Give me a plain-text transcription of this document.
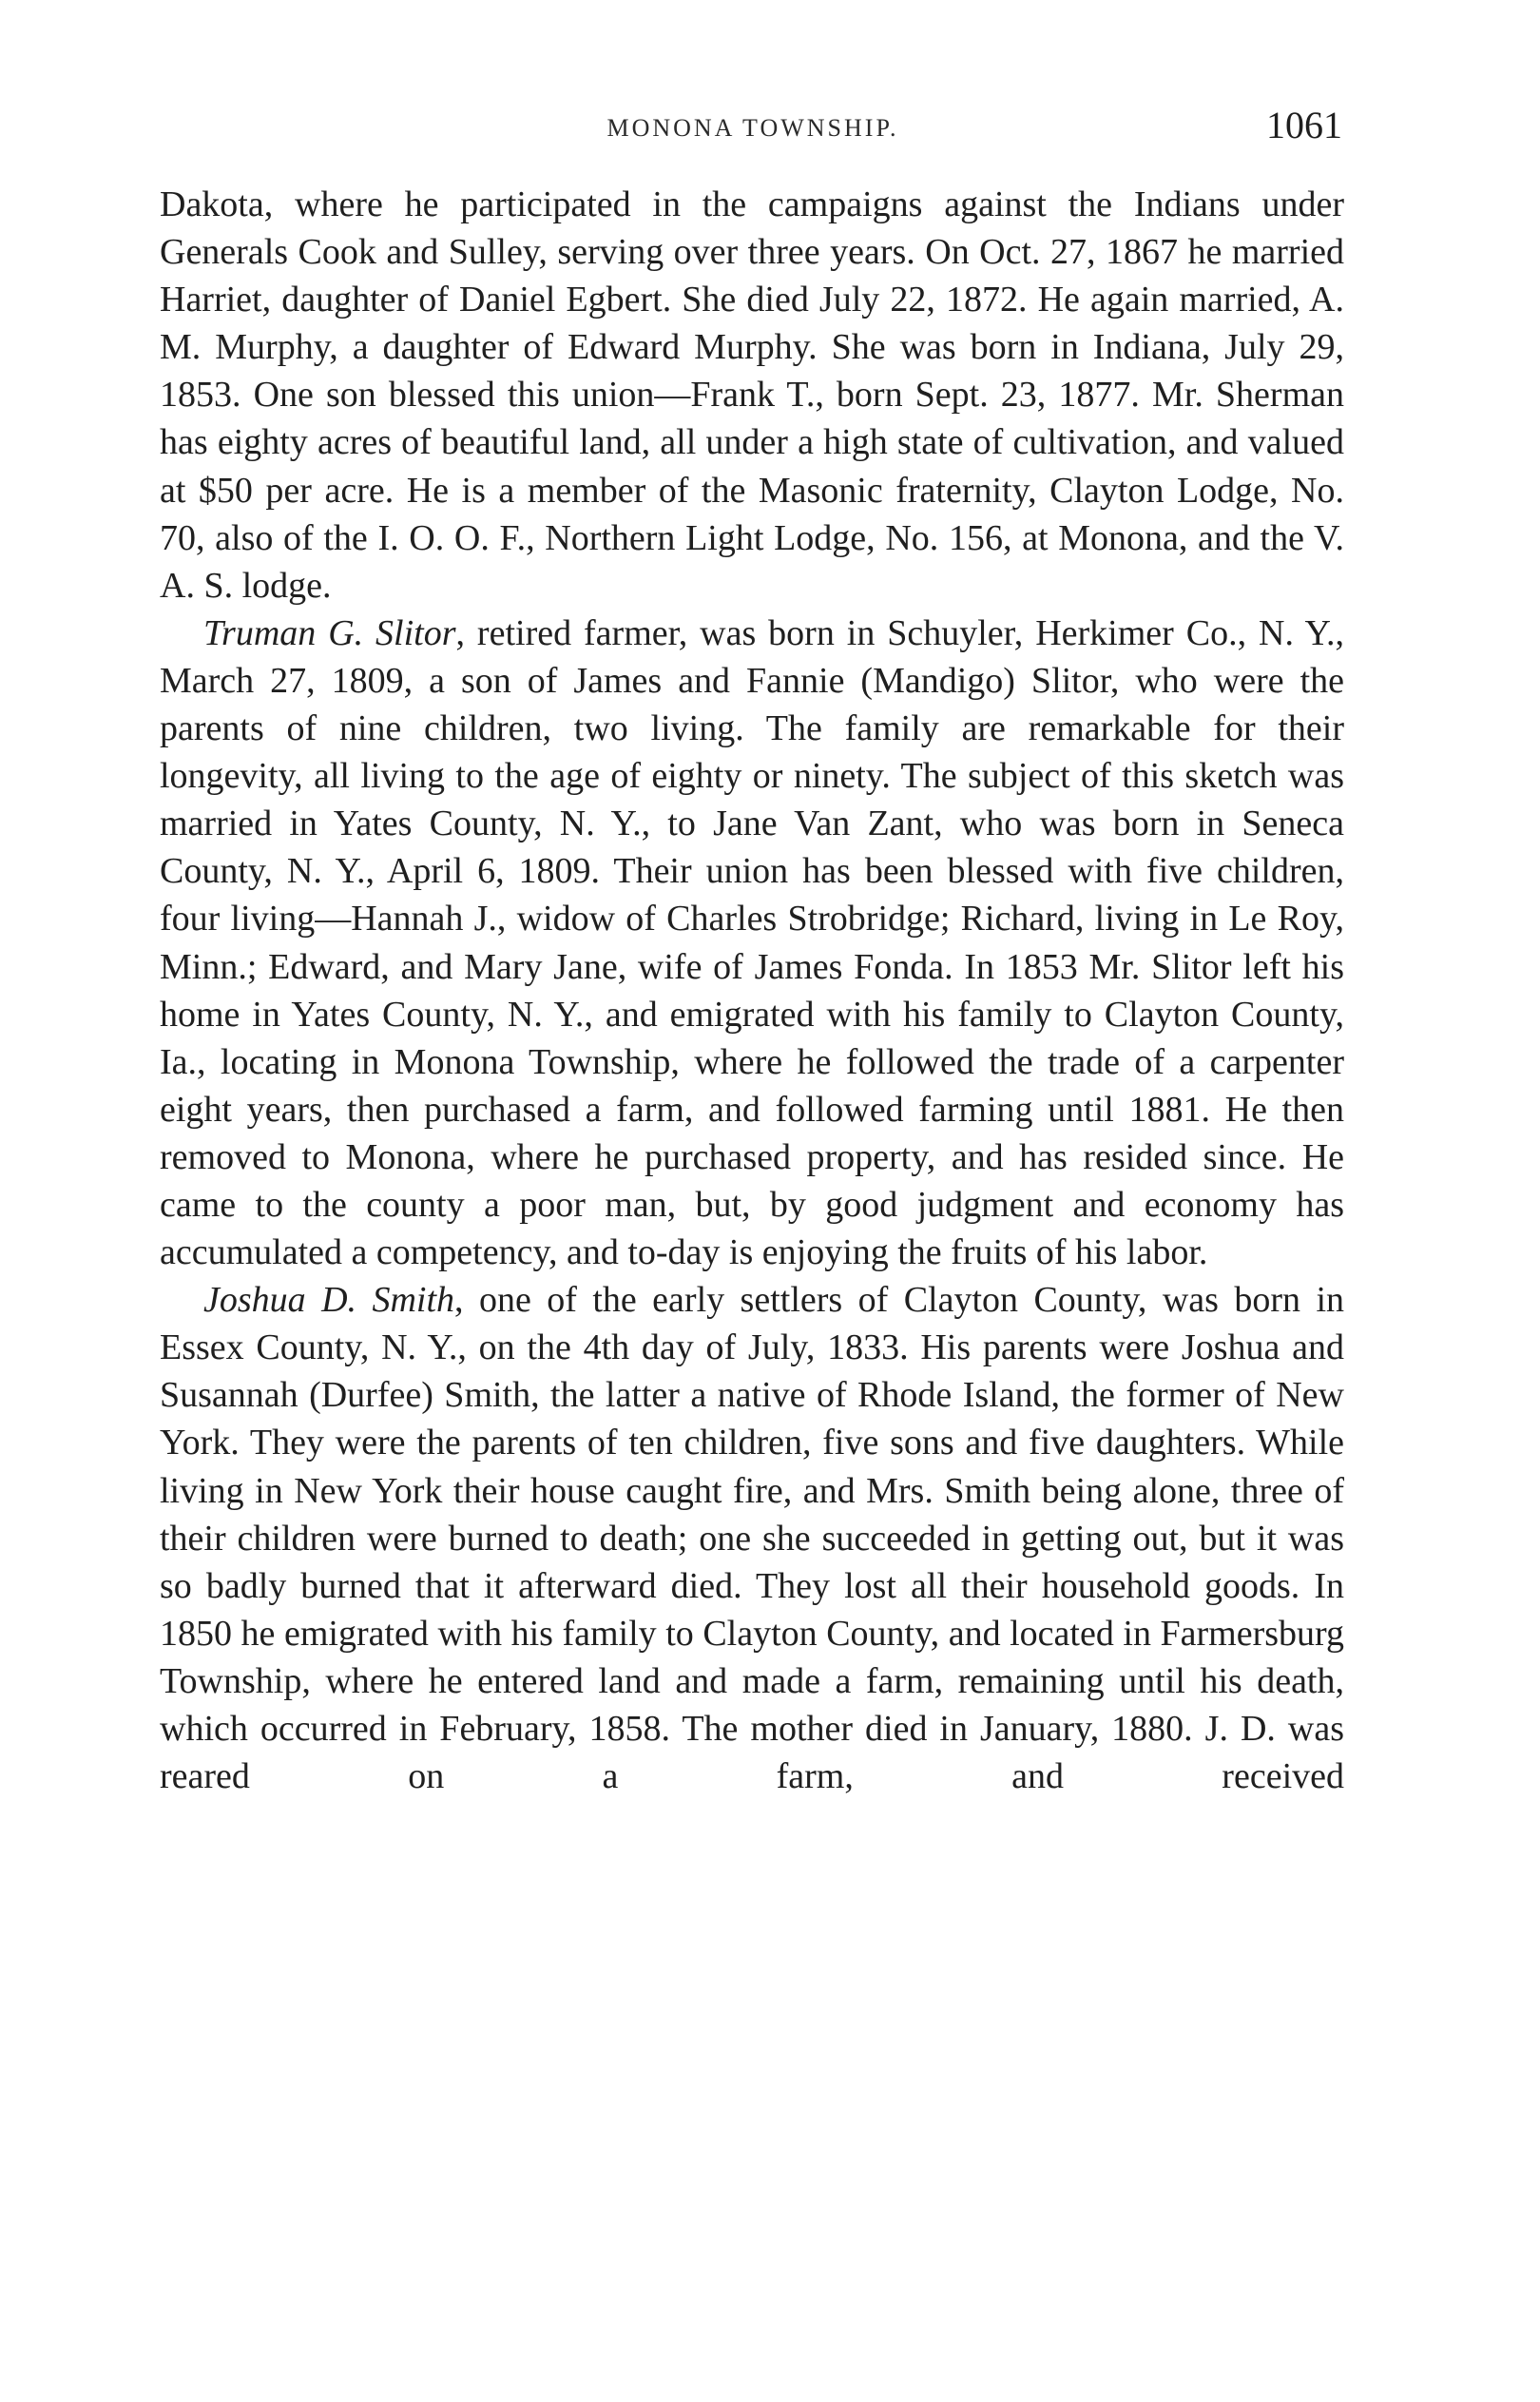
MONONA TOWNSHIP.	1061

Dakota, where he participated in the campaigns against the Indians under Generals Cook and Sulley, serving over three years. On Oct. 27, 1867 he married Harriet, daughter of Daniel Egbert. She died July 22, 1872. He again married, A. M. Murphy, a daughter of Edward Murphy. She was born in Indiana, July 29, 1853. One son blessed this union—Frank T., born Sept. 23, 1877. Mr. Sherman has eighty acres of beautiful land, all under a high state of cultivation, and valued at $50 per acre. He is a member of the Masonic fraternity, Clayton Lodge, No. 70, also of the I. O. O. F., Northern Light Lodge, No. 156, at Monona, and the V. A. S. lodge.

Truman G. Slitor, retired farmer, was born in Schuyler, Herkimer Co., N. Y., March 27, 1809, a son of James and Fannie (Mandigo) Slitor, who were the parents of nine children, two living. The family are remarkable for their longevity, all living to the age of eighty or ninety. The subject of this sketch was married in Yates County, N. Y., to Jane Van Zant, who was born in Seneca County, N. Y., April 6, 1809. Their union has been blessed with five children, four living—Hannah J., widow of Charles Strobridge; Richard, living in Le Roy, Minn.; Edward, and Mary Jane, wife of James Fonda. In 1853 Mr. Slitor left his home in Yates County, N. Y., and emigrated with his family to Clayton County, Ia., locating in Monona Township, where he followed the trade of a carpenter eight years, then purchased a farm, and followed farming until 1881. He then removed to Monona, where he purchased property, and has resided since. He came to the county a poor man, but, by good judgment and economy has accumulated a competency, and to-day is enjoying the fruits of his labor.

Joshua D. Smith, one of the early settlers of Clayton County, was born in Essex County, N. Y., on the 4th day of July, 1833. His parents were Joshua and Susannah (Durfee) Smith, the latter a native of Rhode Island, the former of New York. They were the parents of ten children, five sons and five daughters. While living in New York their house caught fire, and Mrs. Smith being alone, three of their children were burned to death; one she succeeded in getting out, but it was so badly burned that it afterward died. They lost all their household goods. In 1850 he emigrated with his family to Clayton County, and located in Farmersburg Township, where he entered land and made a farm, remaining until his death, which occurred in February, 1858. The mother died in January, 1880. J. D. was reared on a farm, and received
